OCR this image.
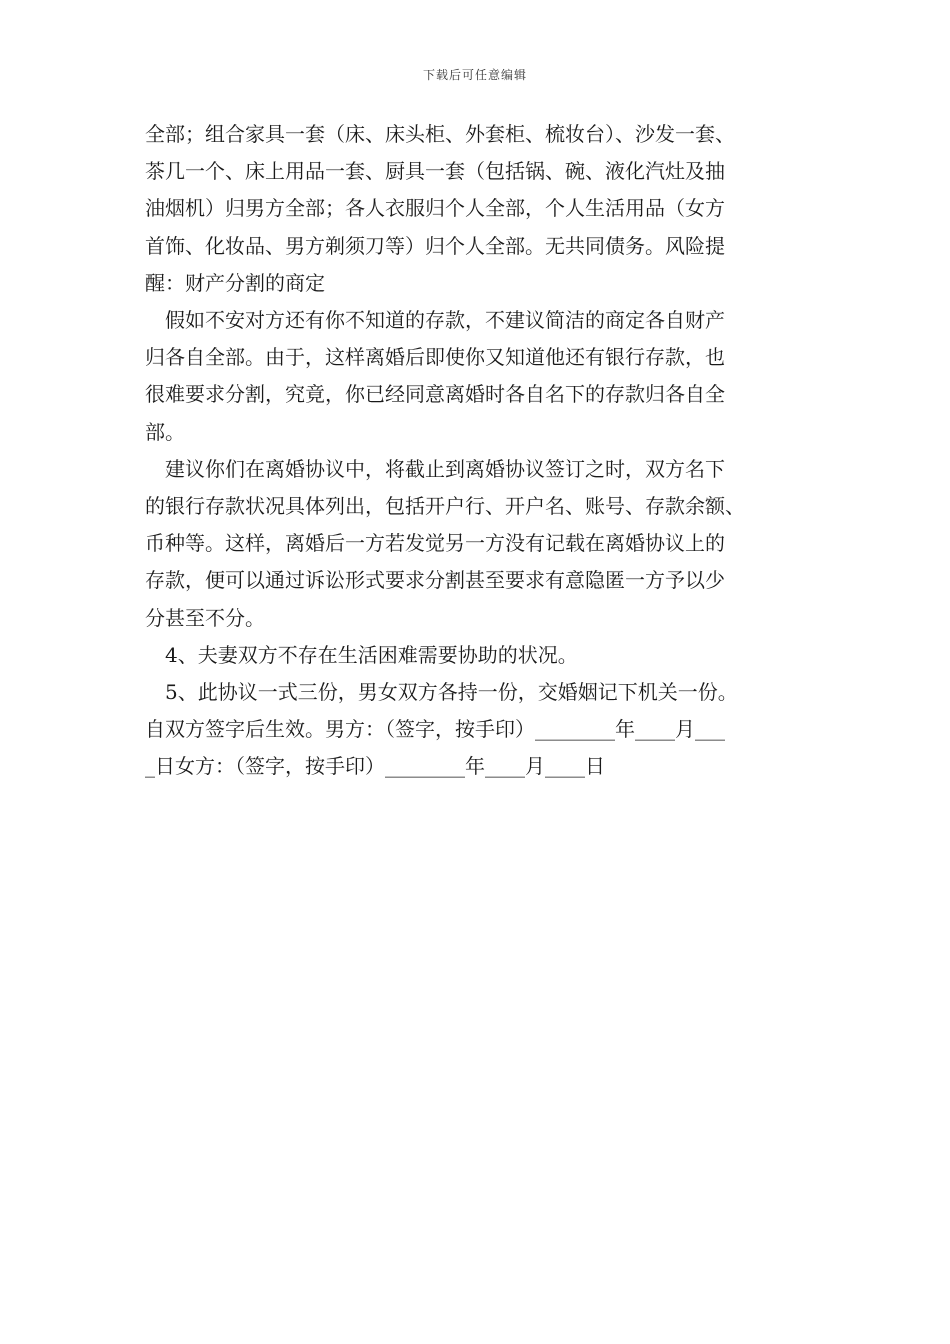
下载后可任意编辑
全部；组合家具一套（床、床头柜、外套柜、梳妆台）、沙发一套、
茶几一个、床上用品一套、厨具一套（包括锅、碗、液化汽灶及抽
油烟机）归男方全部；各人衣服归个人全部，个人生活用品（女方
首饰、化妆品、男方剃须刀等）归个人全部。无共同债务。风险提
醒：财产分割的商定
假如不安对方还有你不知道的存款，不建议简洁的商定各自财产
归各自全部。由于，这样离婚后即使你又知道他还有银行存款，也
很难要求分割，究竟，你已经同意离婚时各自名下的存款归各自全
部。
建议你们在离婚协议中，将截止到离婚协议签订之时，双方名下
的银行存款状况具体列出，包括开户行、开户名、账号、存款余额、
币种等。这样，离婚后一方若发觉另一方没有记载在离婚协议上的
存款，便可以通过诉讼形式要求分割甚至要求有意隐匿一方予以少
分甚至不分。
4、夫妻双方不存在生活困难需要协助的状况。
5、此协议一式三份，男女双方各持一份，交婚姻记下机关一份。
自双方签字后生效。男方：（签字，按手印）________年____月___
_日女方：（签字，按手印）________年____月____日
